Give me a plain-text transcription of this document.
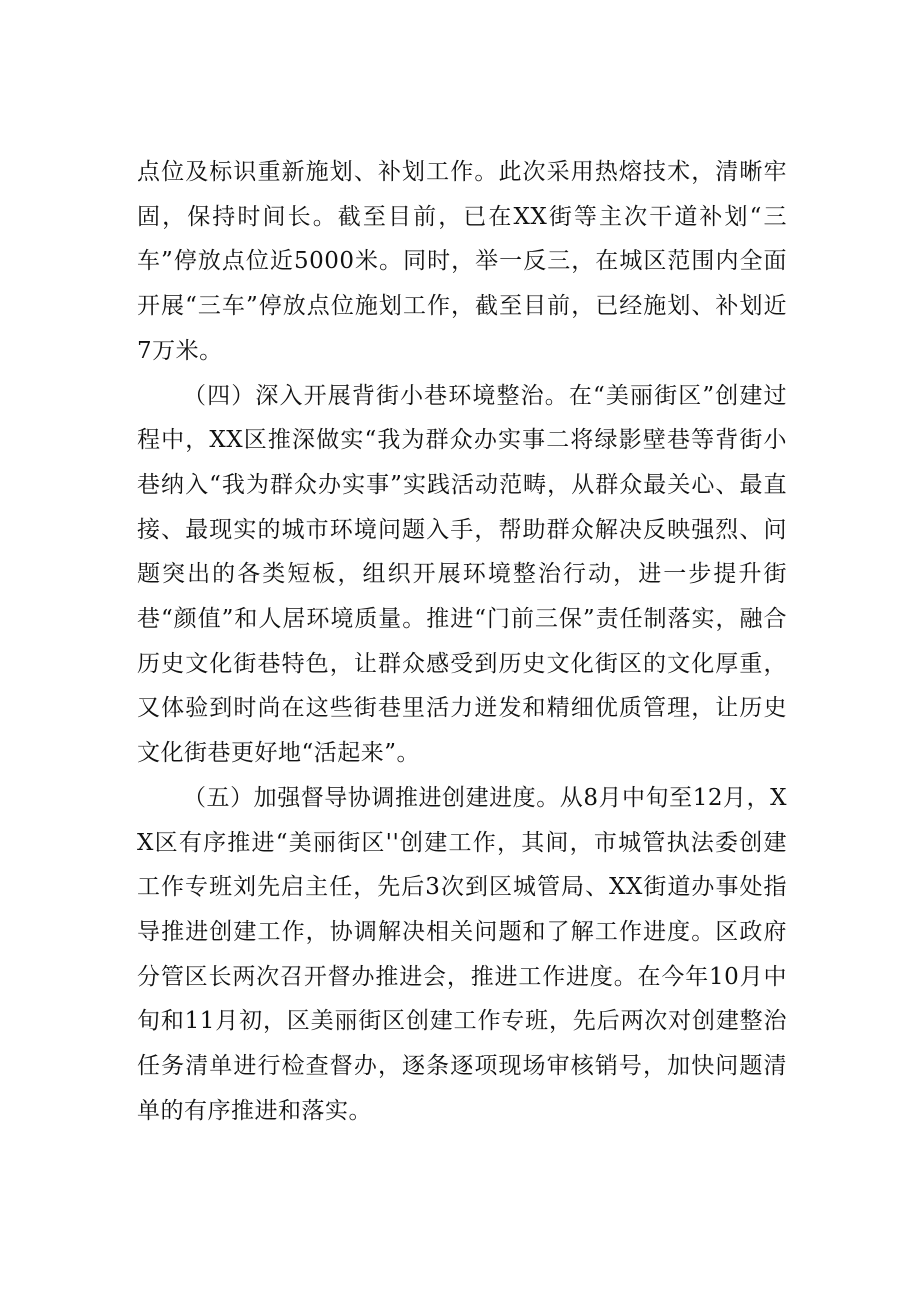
点位及标识重新施划、补划工作。此次采用热熔技术，清晰牢固，保持时间长。截至目前，已在XX街等主次干道补划“三车”停放点位近5000米。同时，举一反三，在城区范围内全面开展“三车”停放点位施划工作，截至目前，已经施划、补划近7万米。

（四）深入开展背街小巷环境整治。在“美丽街区”创建过程中，XX区推深做实“我为群众办实事二将绿影壁巷等背街小巷纳入“我为群众办实事”实践活动范畴，从群众最关心、最直接、最现实的城市环境问题入手，帮助群众解决反映强烈、问题突出的各类短板，组织开展环境整治行动，进一步提升街巷“颜值”和人居环境质量。推进“门前三保”责任制落实，融合历史文化街巷特色，让群众感受到历史文化街区的文化厚重，又体验到时尚在这些街巷里活力迸发和精细优质管理，让历史文化街巷更好地“活起来”。

（五）加强督导协调推进创建进度。从8月中旬至12月，XX区有序推进“美丽街区''创建工作，其间，市城管执法委创建工作专班刘先启主任，先后3次到区城管局、XX街道办事处指导推进创建工作，协调解决相关问题和了解工作进度。区政府分管区长两次召开督办推进会，推进工作进度。在今年10月中旬和11月初，区美丽街区创建工作专班，先后两次对创建整治任务清单进行检查督办，逐条逐项现场审核销号，加快问题清单的有序推进和落实。
